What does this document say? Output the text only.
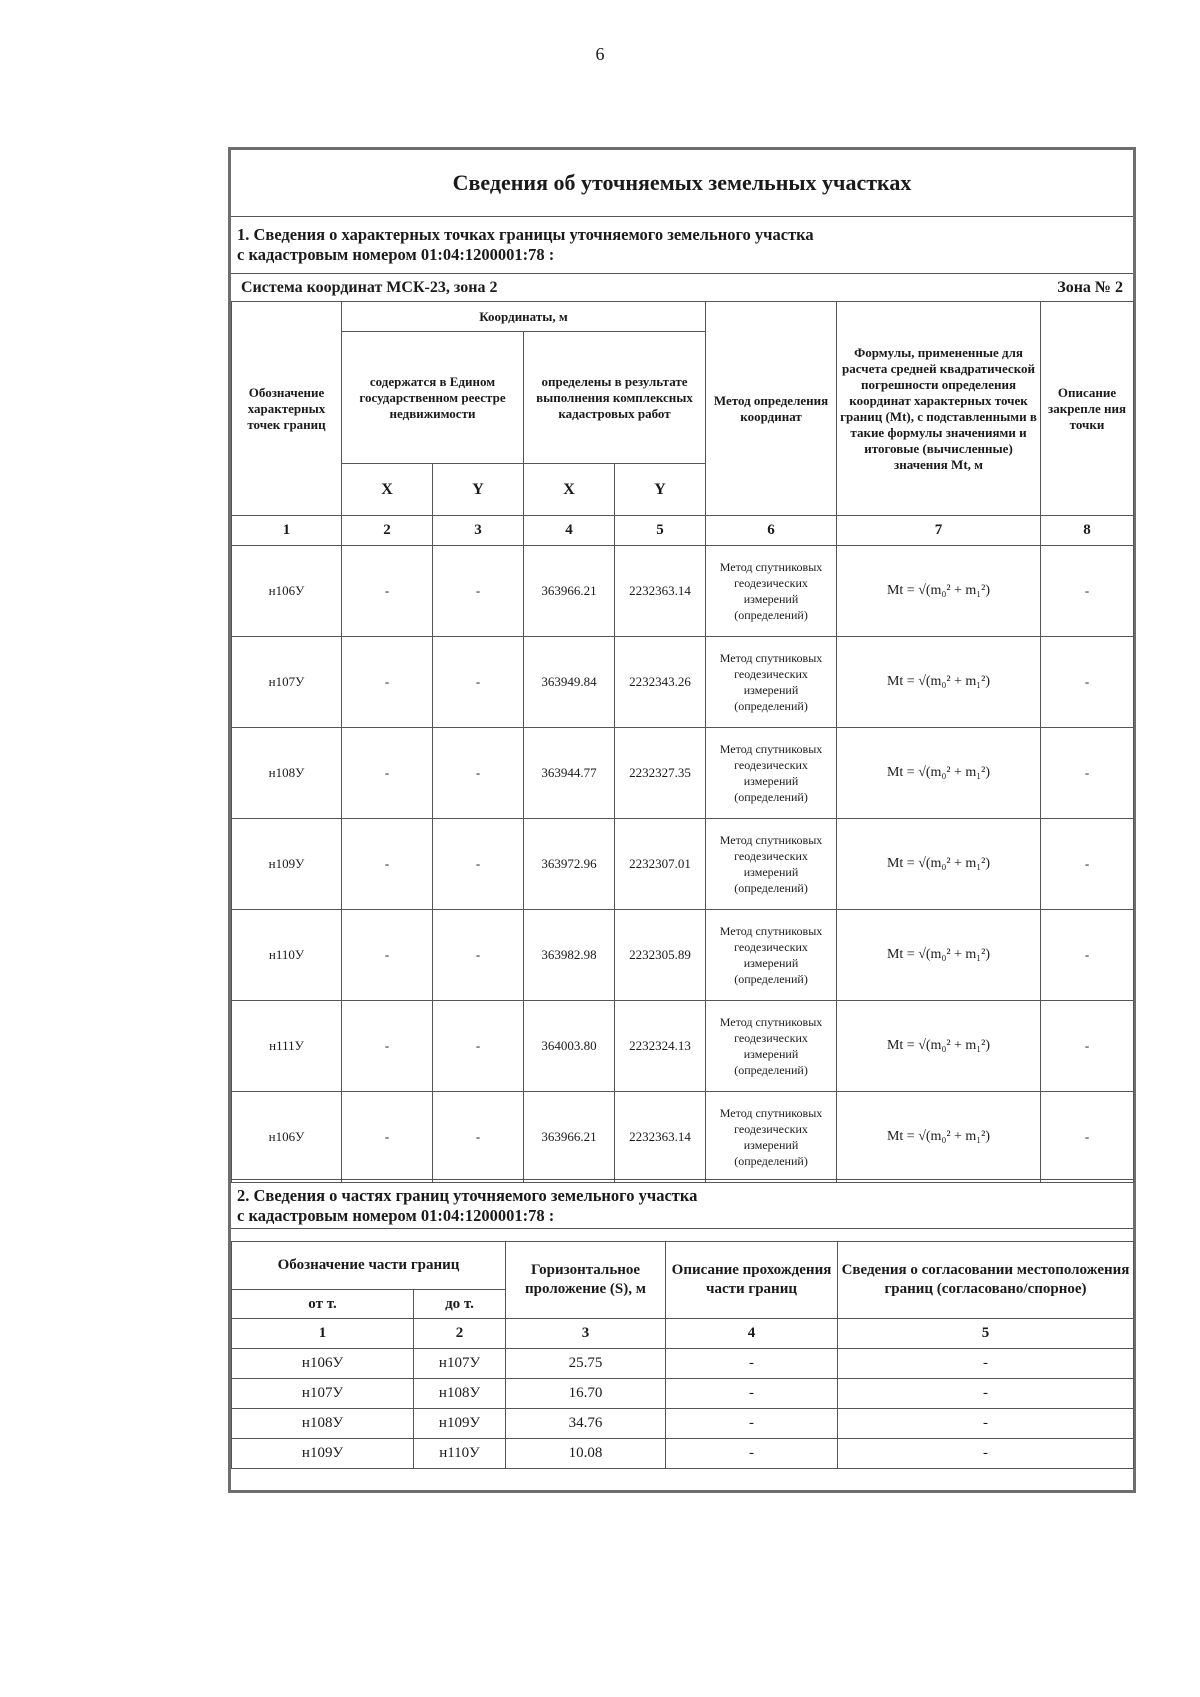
6
Сведения об уточняемых земельных участках
1. Сведения о характерных точках границы уточняемого земельного участка
с кадастровым номером 01:04:1200001:78 :
Система координат МСК-23, зона 2	Зона № 2
Обозначение характерных точек границ	Координаты, м				Метод определения координат	Формулы, примененные для расчета средней квадратической погрешности определения координат характерных точек границ (Mt), с подставленными в такие формулы значениями и итоговые (вычисленные) значения Mt, м	Описание закрепле ния точки
	содержатся в Едином государственном реестре недвижимости		определены в результате выполнения комплексных кадастровых работ				
	X	Y	X	Y			
1	2	3	4	5	6	7	8
н106У	-	-	363966.21	2232363.14	Метод спутниковых геодезических измерений (определений)	Mt = √(m₀² + m₁²)	-
н107У	-	-	363949.84	2232343.26	Метод спутниковых геодезических измерений (определений)	Mt = √(m₀² + m₁²)	-
н108У	-	-	363944.77	2232327.35	Метод спутниковых геодезических измерений (определений)	Mt = √(m₀² + m₁²)	-
н109У	-	-	363972.96	2232307.01	Метод спутниковых геодезических измерений (определений)	Mt = √(m₀² + m₁²)	-
н110У	-	-	363982.98	2232305.89	Метод спутниковых геодезических измерений (определений)	Mt = √(m₀² + m₁²)	-
н111У	-	-	364003.80	2232324.13	Метод спутниковых геодезических измерений (определений)	Mt = √(m₀² + m₁²)	-
н106У	-	-	363966.21	2232363.14	Метод спутниковых геодезических измерений (определений)	Mt = √(m₀² + m₁²)	-
2. Сведения о частях границ уточняемого земельного участка
с кадастровым номером 01:04:1200001:78 :
Обозначение части границ		Горизонтальное проложение (S), м	Описание прохождения части границ	Сведения о согласовании местоположения границ (согласовано/спорное)
от т.	до т.			
1	2	3	4	5
н106У	н107У	25.75	-	-
н107У	н108У	16.70	-	-
н108У	н109У	34.76	-	-
н109У	н110У	10.08	-	-
